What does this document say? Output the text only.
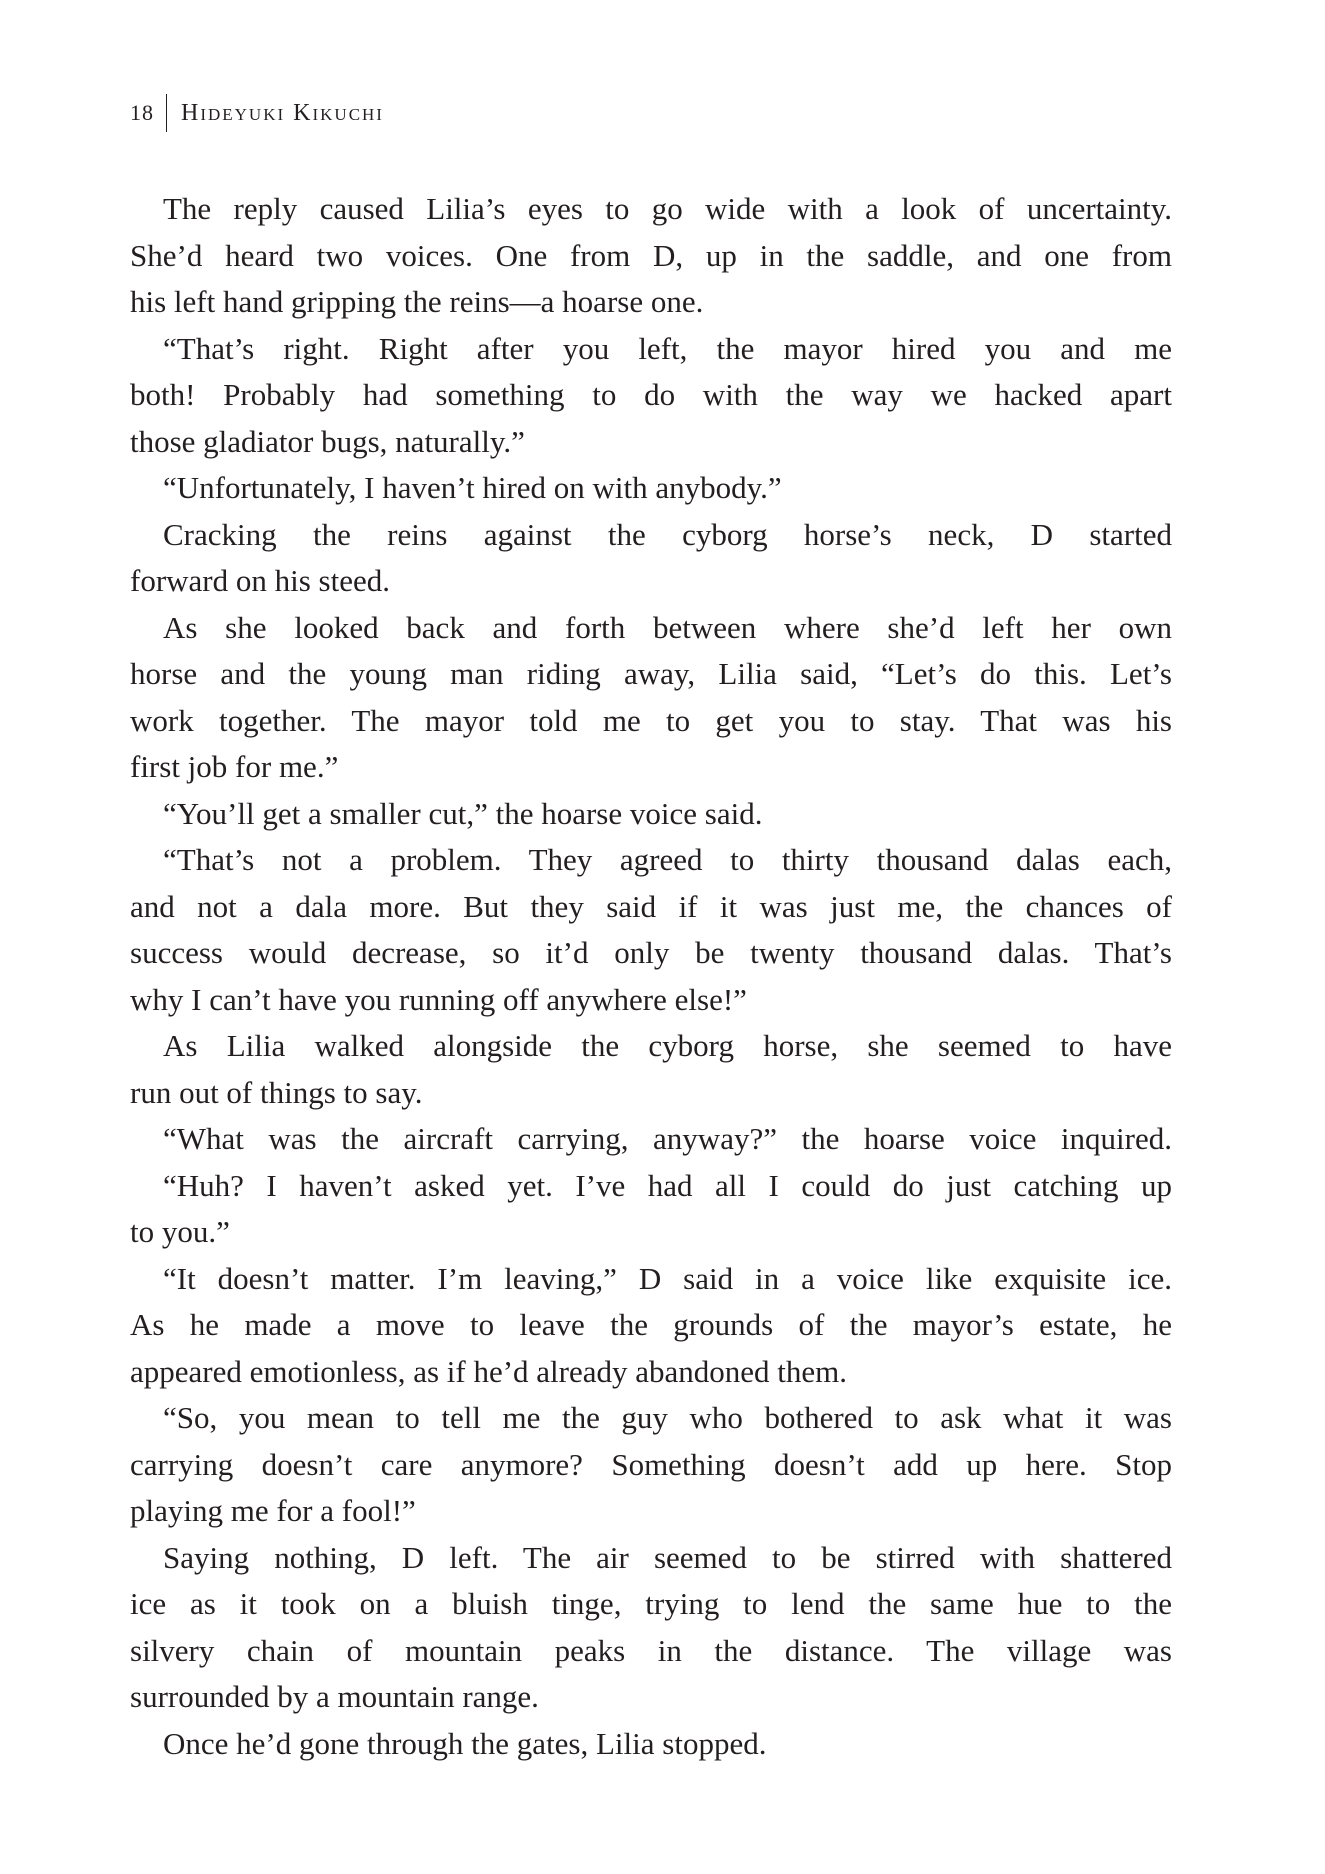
18	Hideyuki Kikuchi
The reply caused Lilia’s eyes to go wide with a look of uncertainty.
She’d heard two voices. One from D, up in the saddle, and one from
his left hand gripping the reins—a hoarse one.
“That’s right. Right after you left, the mayor hired you and me
both! Probably had something to do with the way we hacked apart
those gladiator bugs, naturally.”
“Unfortunately, I haven’t hired on with anybody.”
Cracking the reins against the cyborg horse’s neck, D started
forward on his steed.
As she looked back and forth between where she’d left her own
horse and the young man riding away, Lilia said, “Let’s do this. Let’s
work together. The mayor told me to get you to stay. That was his
first job for me.”
“You’ll get a smaller cut,” the hoarse voice said.
“That’s not a problem. They agreed to thirty thousand dalas each,
and not a dala more. But they said if it was just me, the chances of
success would decrease, so it’d only be twenty thousand dalas. That’s
why I can’t have you running off anywhere else!”
As Lilia walked alongside the cyborg horse, she seemed to have
run out of things to say.
“What was the aircraft carrying, anyway?” the hoarse voice inquired.
“Huh? I haven’t asked yet. I’ve had all I could do just catching up
to you.”
“It doesn’t matter. I’m leaving,” D said in a voice like exquisite ice.
As he made a move to leave the grounds of the mayor’s estate, he
appeared emotionless, as if he’d already abandoned them.
“So, you mean to tell me the guy who bothered to ask what it was
carrying doesn’t care anymore? Something doesn’t add up here. Stop
playing me for a fool!”
Saying nothing, D left. The air seemed to be stirred with shattered
ice as it took on a bluish tinge, trying to lend the same hue to the
silvery chain of mountain peaks in the distance. The village was
surrounded by a mountain range.
Once he’d gone through the gates, Lilia stopped.
